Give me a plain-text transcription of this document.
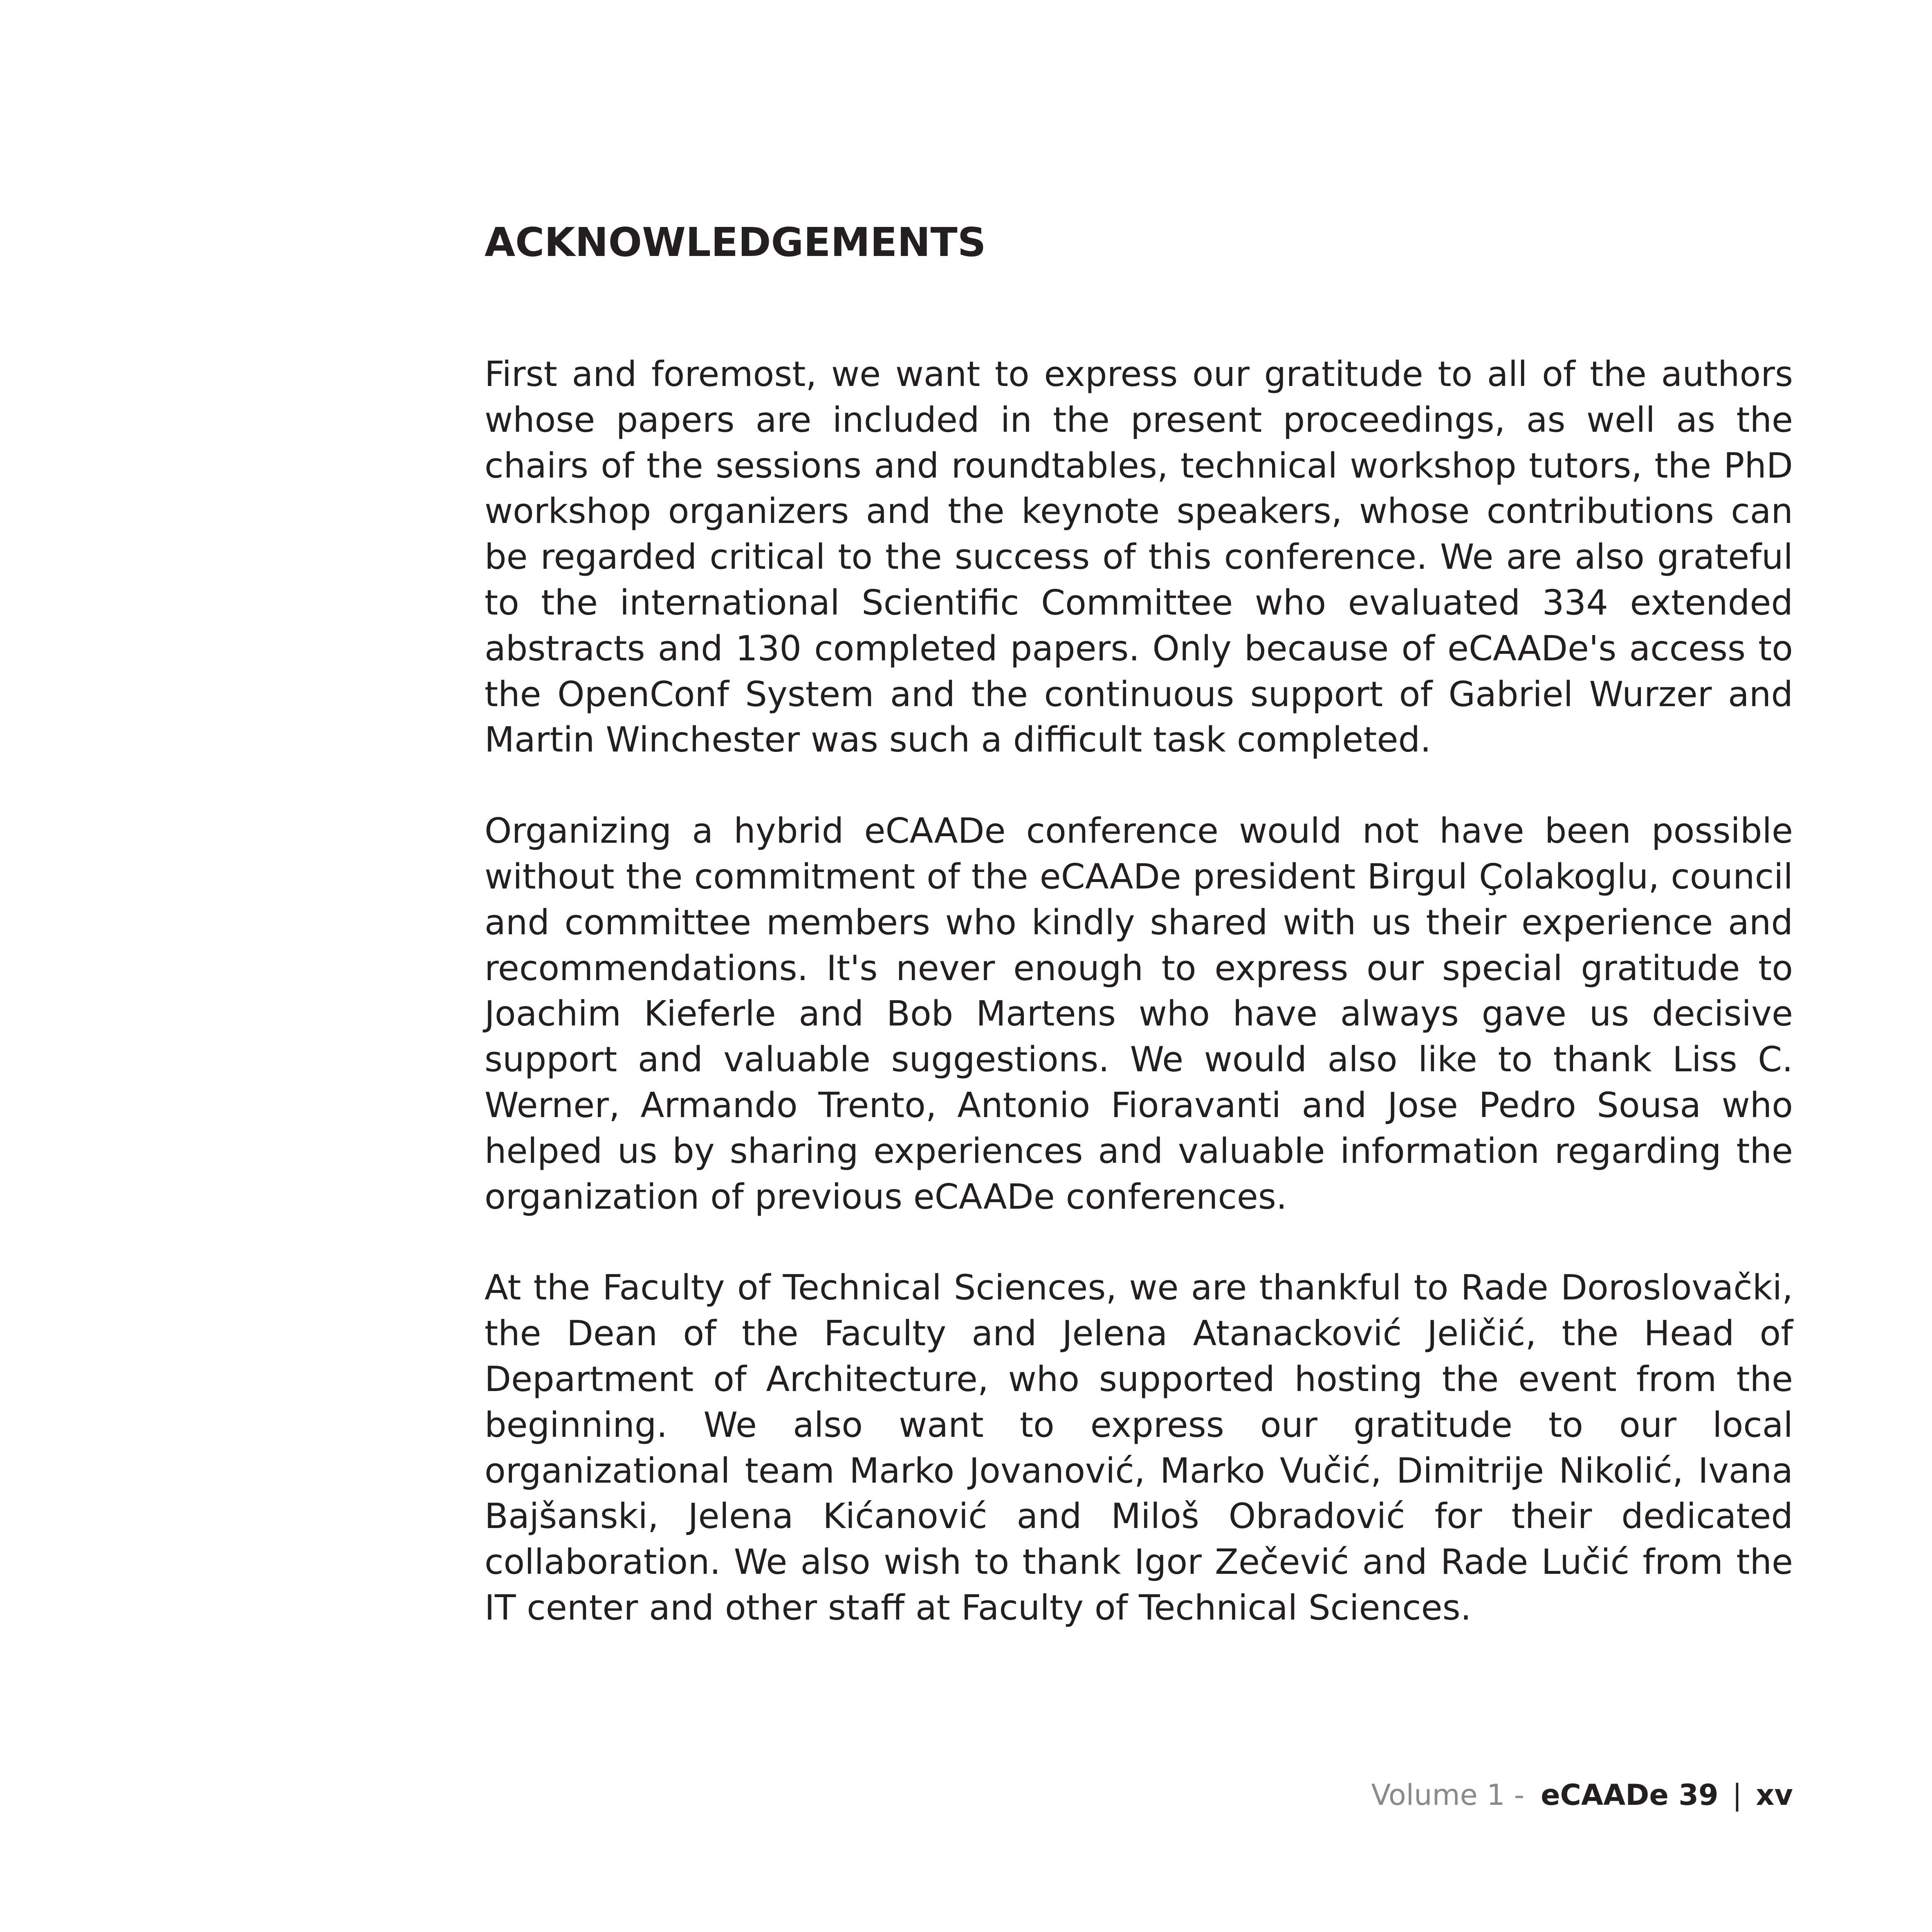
ACKNOWLEDGEMENTS

First and foremost, we want to express our gratitude to all of the authors whose papers are included in the present proceedings, as well as the chairs of the sessions and roundtables, technical workshop tutors, the PhD workshop organizers and the keynote speakers, whose contributions can be regarded critical to the success of this conference. We are also grateful to the international Scientific Committee who evaluated 334 extended abstracts and 130 completed papers. Only because of eCAADe's access to the OpenConf System and the continuous support of Gabriel Wurzer and Martin Winchester was such a difficult task completed.

Organizing a hybrid eCAADe conference would not have been possible without the commitment of the eCAADe president Birgul Çolakoglu, council and committee members who kindly shared with us their experience and recommendations. It's never enough to express our special gratitude to Joachim Kieferle and Bob Martens who have always gave us decisive support and valuable suggestions. We would also like to thank Liss C. Werner, Armando Trento, Antonio Fioravanti and Jose Pedro Sousa who helped us by sharing experiences and valuable information regarding the organization of previous eCAADe conferences.

At the Faculty of Technical Sciences, we are thankful to Rade Doroslovački, the Dean of the Faculty and Jelena Atanacković Jeličić, the Head of Department of Architecture, who supported hosting the event from the beginning. We also want to express our gratitude to our local organizational team Marko Jovanović, Marko Vučić, Dimitrije Nikolić, Ivana Bajšanski, Jelena Kićanović and Miloš Obradović for their dedicated collaboration. We also wish to thank Igor Zečević and Rade Lučić from the IT center and other staff at Faculty of Technical Sciences.

Volume 1 - eCAADe 39 | xv
